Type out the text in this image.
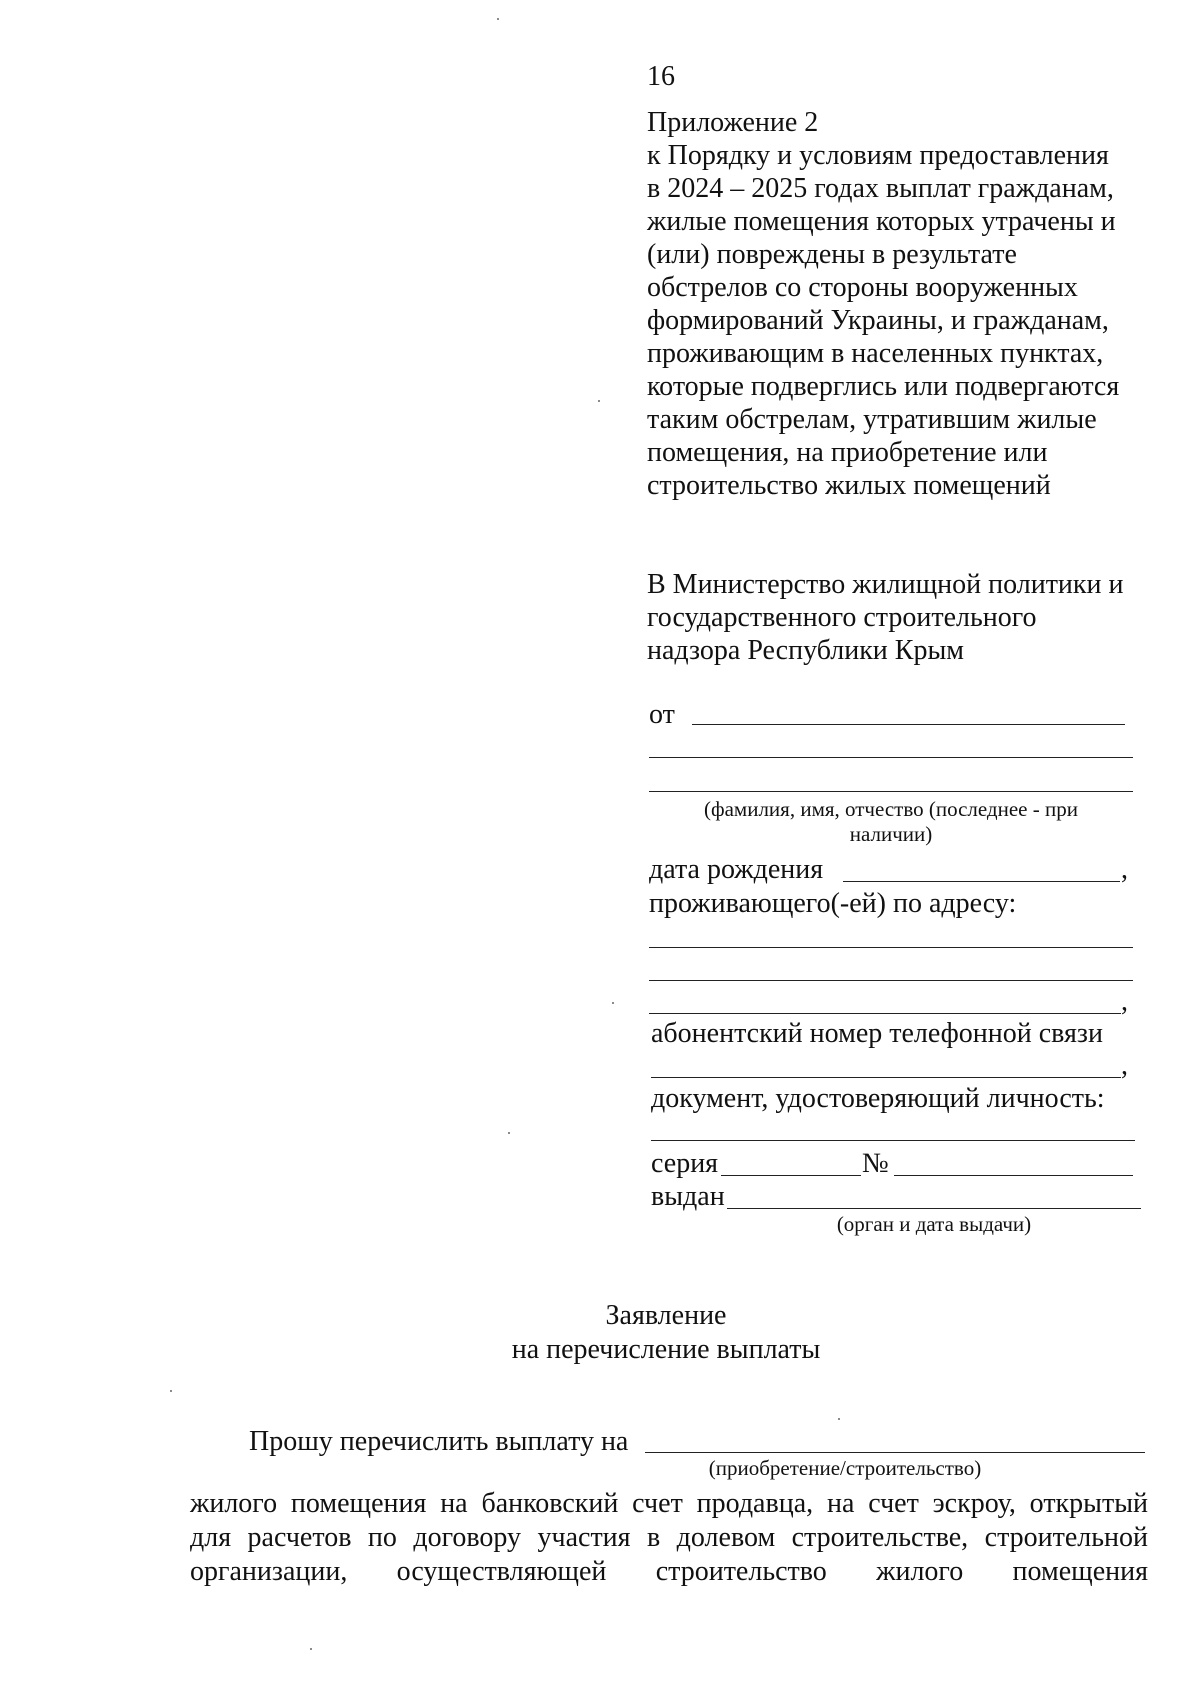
16
Приложение 2
к Порядку и условиям предоставления
в 2024 – 2025 годах выплат гражданам,
жилые помещения которых утрачены и
(или) повреждены в результате
обстрелов со стороны вооруженных
формирований Украины, и гражданам,
проживающим в населенных пунктах,
которые подверглись или подвергаются
таким обстрелам, утратившим жилые
помещения, на приобретение или
строительство жилых помещений
В Министерство жилищной политики и
государственного строительного
надзора Республики Крым
от
(фамилия, имя, отчество (последнее - при
наличии)
дата рождения	,
проживающего(-ей) по адресу:
,
абонентский номер телефонной связи
,
документ, удостоверяющий личность:
серия	№
выдан
(орган и дата выдачи)
Заявление
на перечисление выплаты
Прошу перечислить выплату на
(приобретение/строительство)
жилого помещения на банковский счет продавца, на счет эскроу, открытый
для расчетов по договору участия в долевом строительстве, строительной
организации, осуществляющей строительство жилого помещения
